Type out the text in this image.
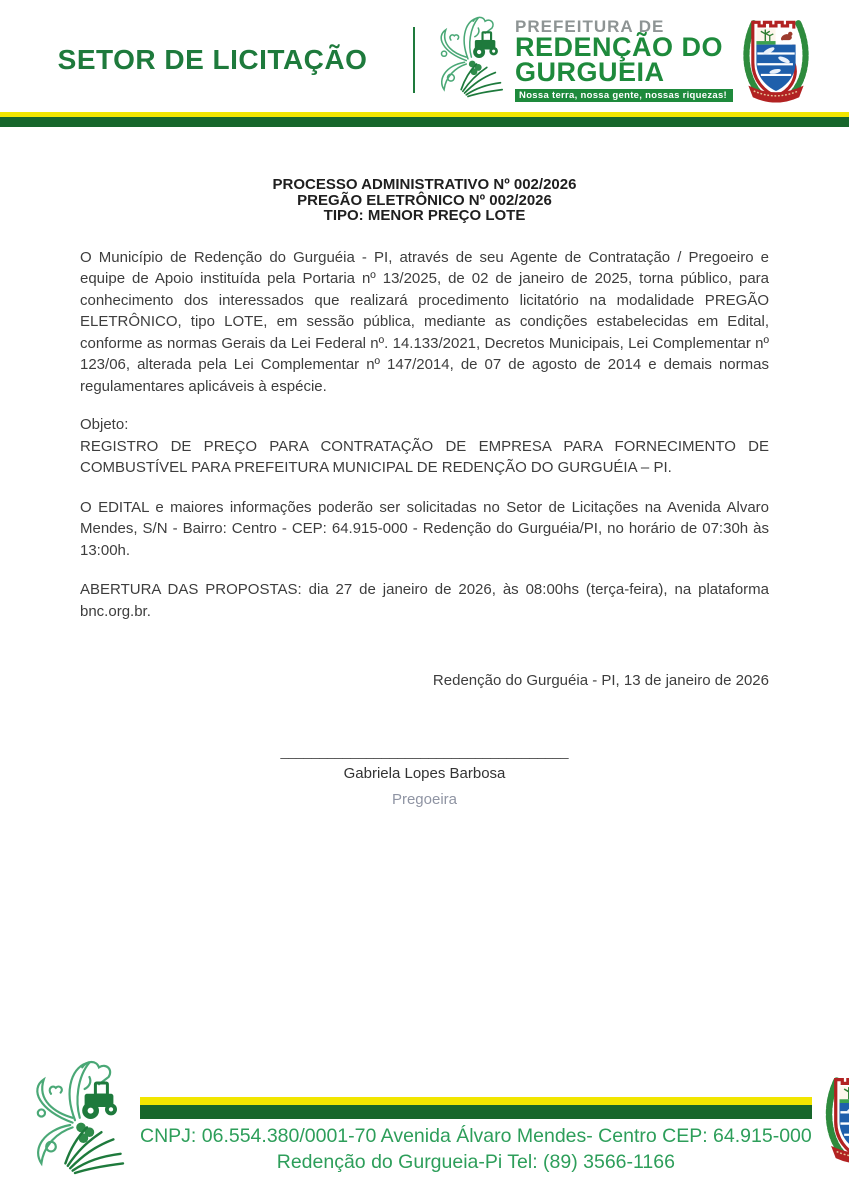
SETOR DE LICITAÇÃO
PREFEITURA DE
REDENÇÃO DO
GURGUEIA
Nossa terra, nossa gente, nossas riquezas!
PROCESSO ADMINISTRATIVO Nº 002/2026
PREGÃO ELETRÔNICO Nº 002/2026
TIPO: MENOR PREÇO LOTE

O Município de Redenção do Gurguéia - PI, através de seu Agente de Contratação / Pregoeiro e equipe de Apoio instituída pela Portaria nº 13/2025, de 02 de janeiro de 2025, torna público, para conhecimento dos interessados que realizará procedimento licitatório na modalidade PREGÃO ELETRÔNICO, tipo LOTE, em sessão pública, mediante as condições estabelecidas em Edital, conforme as normas Gerais da Lei Federal nº. 14.133/2021, Decretos Municipais, Lei Complementar nº 123/06, alterada pela Lei Complementar nº 147/2014, de 07 de agosto de 2014 e demais normas regulamentares aplicáveis à espécie.

Objeto:

REGISTRO DE PREÇO PARA CONTRATAÇÃO DE EMPRESA PARA FORNECIMENTO DE COMBUSTÍVEL PARA PREFEITURA MUNICIPAL DE REDENÇÃO DO GURGUÉIA – PI.

O EDITAL e maiores informações poderão ser solicitadas no Setor de Licitações na Avenida Alvaro Mendes, S/N - Bairro: Centro - CEP: 64.915-000 - Redenção do Gurguéia/PI, no horário de 07:30h às 13:00h.

ABERTURA DAS PROPOSTAS: dia 27 de janeiro de 2026, às 08:00hs (terça-feira), na plataforma bnc.org.br.

Redenção do Gurguéia - PI, 13 de janeiro de 2026
_____________________________________
Gabriela Lopes Barbosa
Pregoeira
CNPJ: 06.554.380/0001-70 Avenida Álvaro Mendes- Centro CEP: 64.915-000
Redenção do Gurgueia-Pi Tel: (89) 3566-1166
